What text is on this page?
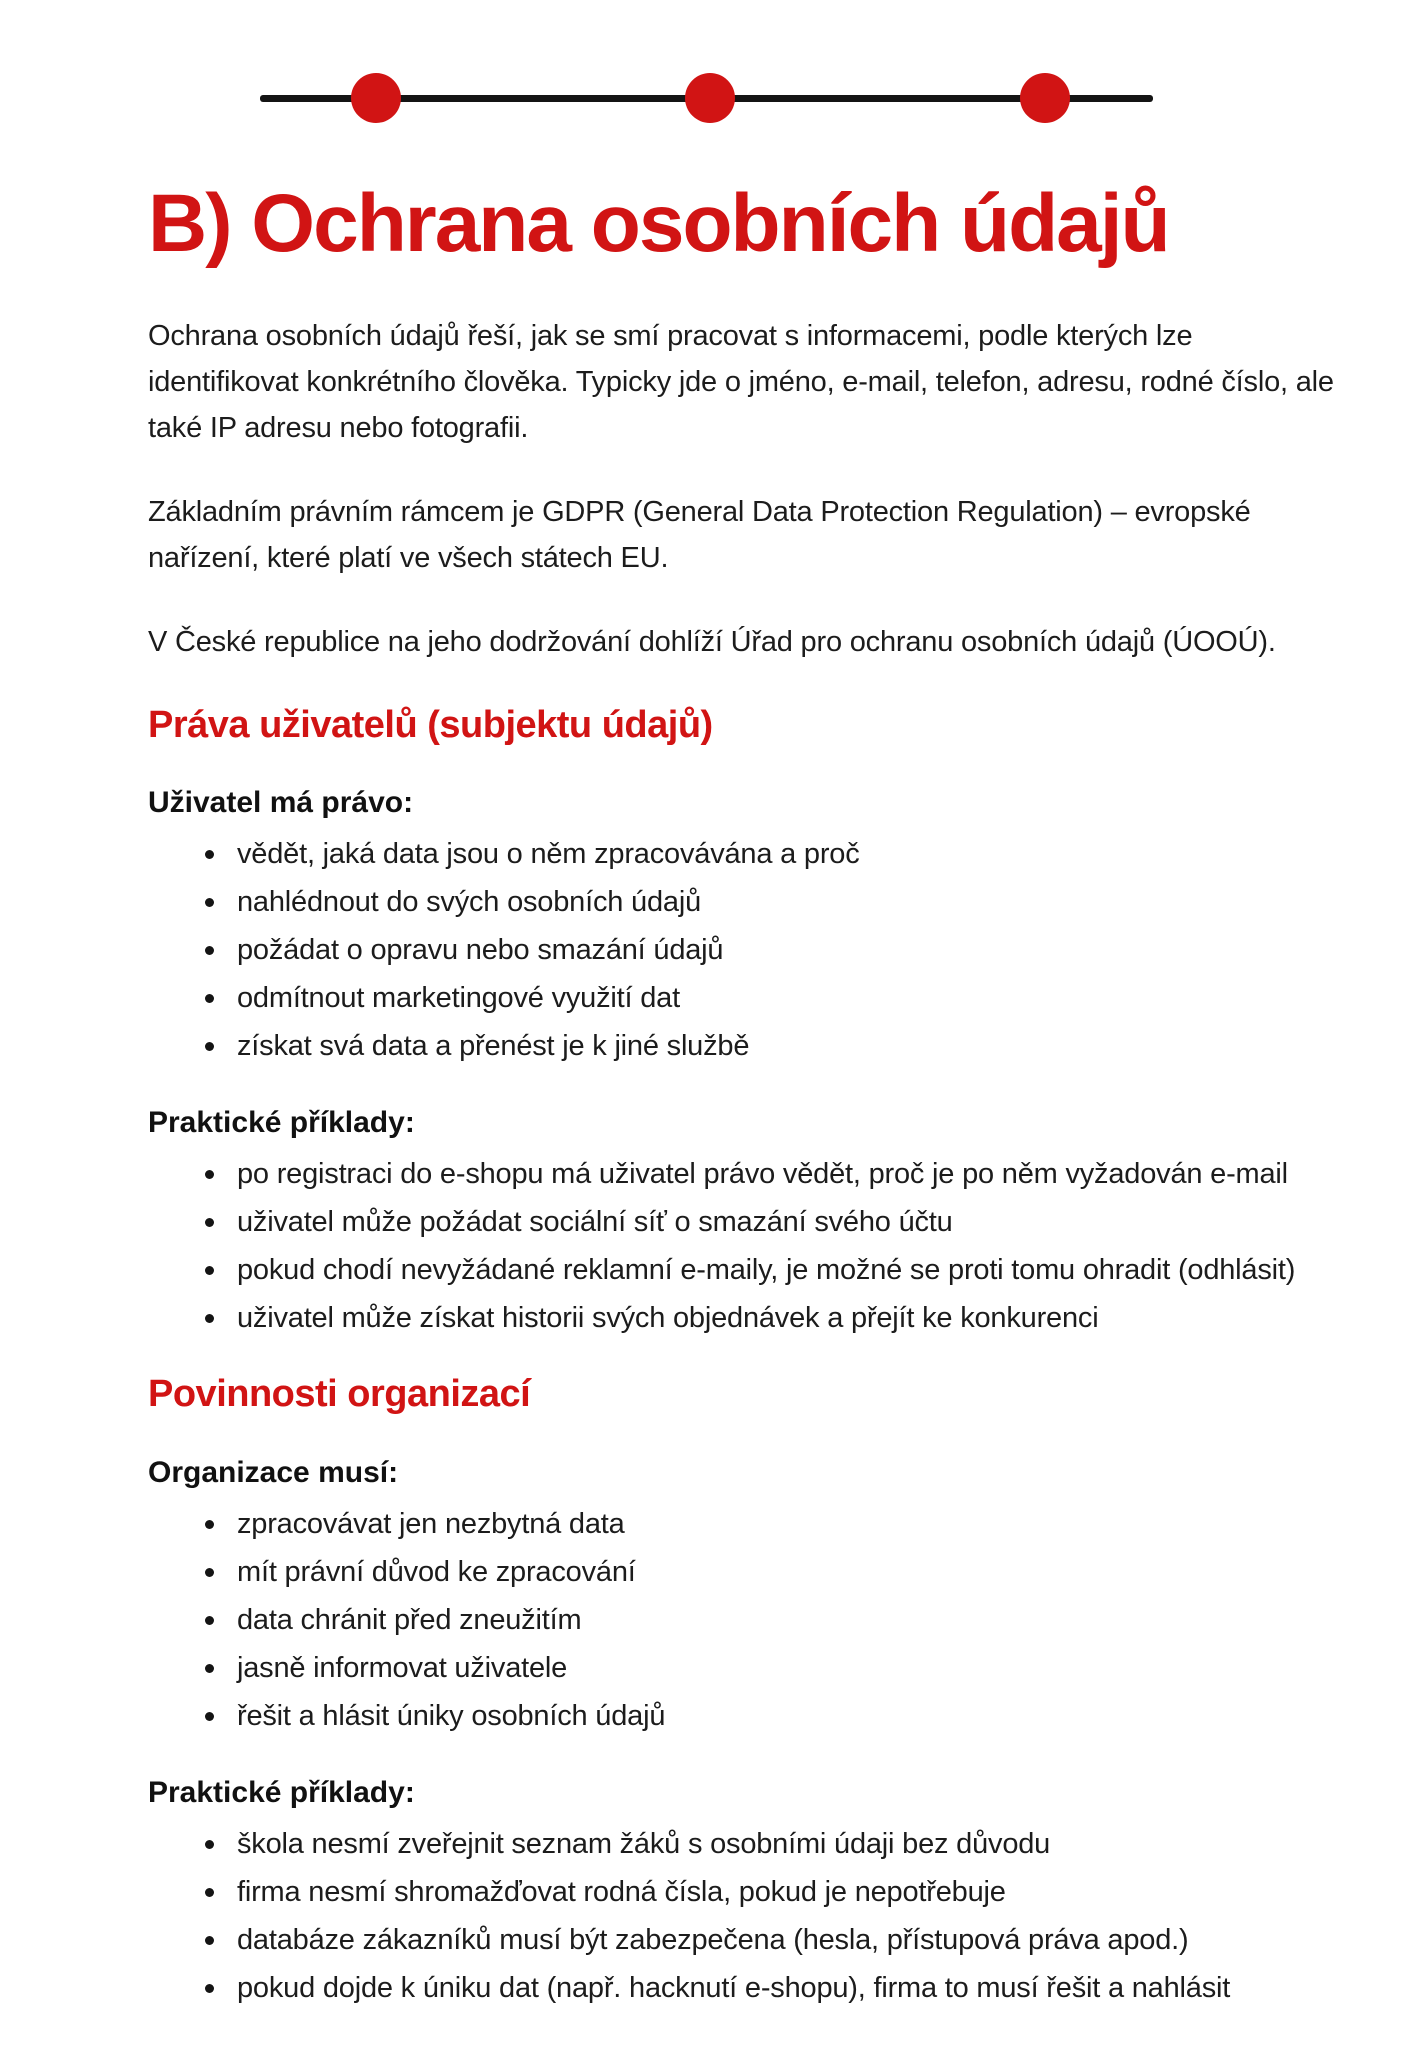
B) Ochrana osobních údajů

Ochrana osobních údajů řeší, jak se smí pracovat s informacemi, podle kterých lze identifikovat konkrétního člověka. Typicky jde o jméno, e-mail, telefon, adresu, rodné číslo, ale také IP adresu nebo fotografii.

Základním právním rámcem je GDPR (General Data Protection Regulation) – evropské nařízení, které platí ve všech státech EU.

V České republice na jeho dodržování dohlíží Úřad pro ochranu osobních údajů (ÚOOÚ).

Práva uživatelů (subjektu údajů)
Uživatel má právo:
vědět, jaká data jsou o něm zpracovávána a proč
nahlédnout do svých osobních údajů
požádat o opravu nebo smazání údajů
odmítnout marketingové využití dat
získat svá data a přenést je k jiné službě
Praktické příklady:
po registraci do e-shopu má uživatel právo vědět, proč je po něm vyžadován e-mail
uživatel může požádat sociální síť o smazání svého účtu
pokud chodí nevyžádané reklamní e-maily, je možné se proti tomu ohradit (odhlásit)
uživatel může získat historii svých objednávek a přejít ke konkurenci
Povinnosti organizací
Organizace musí:
zpracovávat jen nezbytná data
mít právní důvod ke zpracování
data chránit před zneužitím
jasně informovat uživatele
řešit a hlásit úniky osobních údajů
Praktické příklady:
škola nesmí zveřejnit seznam žáků s osobními údaji bez důvodu
firma nesmí shromažďovat rodná čísla, pokud je nepotřebuje
databáze zákazníků musí být zabezpečena (hesla, přístupová práva apod.)
pokud dojde k úniku dat (např. hacknutí e-shopu), firma to musí řešit a nahlásit
